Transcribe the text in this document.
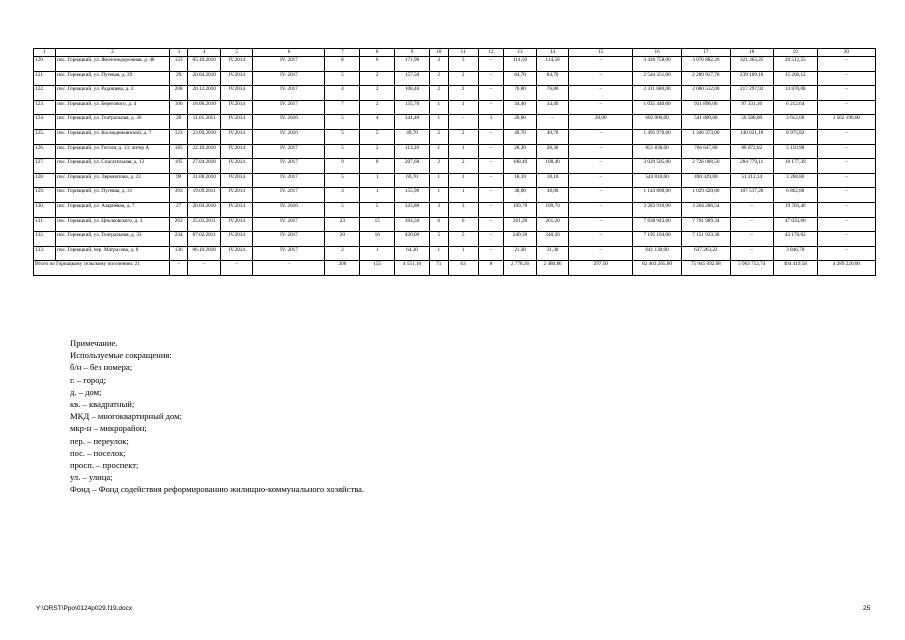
1	2	3	4	5	6	7	8	9	10	11	12	13	14	15	16	17	18	19	20
120.	пос. Горнацкий, ул. Железнодорожная, д. 48	133	05.10.2010	IV.2014	IV. 2017	8	6	171,90	3	3	–	114,50	114,50	–	3 418 758,00	3 076 882,20	321 363,25	20 512,55	–
121.	пос. Горнацкий, ул. Путевая, д. 29	29	20.04.2010	IV.2014	IV. 2017	5	2	157,50	2	2	–	84,70	84,70	–	2 544 351,00	2 289 917,70	239 169,18	15 266,12	–
122.	пос. Горнацкий, ул. Радищева, д. 3	208	20.12.2010	IV.2014	IV. 2017	4	2	108,40	2	2	–	76,80	76,80	–	2 311 680,00	2 080 512,00	217 297,92	13 870,08	–
123.	пос. Горнацкий, ул. Берегового, д. 4	106	18.06.2010	IV.2014	IV. 2017	7	2	135,70	1	1	–	34,40	34,40	–	1 035 440,00	931 896,00	97 331,36	6 212,64	–
124.	пос. Горнацкий, ул. Театральная, д. 36	20	11.01.2011	IV.2014	IV. 2016	5	4	341,40	1	–	1	20,00	–	20,00	602 000,00	541 800,00	56 588,00	3 612,00	1 562 190,00
125.	пос. Горнацкий, ул. Космодемьянской, д. 7	123	23.09.2010	IV.2014	IV. 2016	5	5	49,70	2	2	–	49,70	49,70	–	1 495 970,00	1 346 373,00	140 621,18	8 975,82	–
126.	пос. Горнацкий, ул. Гоголя, д. 13, литер А	185	22.10.2010	IV.2014	IV. 2017	5	2	113,20	1	1	–	28,30	28,30	–	851 830,00	766 647,00	80 072,02	5 110,98	–
127.	пос. Горнацкий, ул. Спасательная, д. 12	105	27.04.2010	IV.2014	IV. 2017	9	8	207,60	2	2	–	108,40	108,40	–	3 029 505,00	2 726 008,50	284 779,11	18 177,39	–
128.	пос. Горнацкий, ул. Лермонтова, д. 23	99	31.08.2010	IV.2014	IV. 2017	5	1	69,70	1	1	–	18,10	18,10	–	544 810,00	490 329,00	51 212,14	3 268,86	–
129.	пос. Горнацкий, ул. Путевая, д. 31	393	19.09.2011	IV.2014	IV. 2017	3	1	155,90	1	1	–	38,00	38,00	–	1 143 800,00	1 029 420,00	107 517,20	6 862,80	–
130.	пос. Горнацкий, ул. Азарнёвая, д. 7	27	20.04.2010	IV.2014	IV. 2016	5	5	343,80	3	3	–	109,70	109,70	–	3 283 910,00	3 264 206,54	–	19 703,46	–
131.	пос. Горнацкий, ул. Циолковского, д. 3	263	25.01.2011	IV.2014	IV. 2017	23	15	394,50	6	6	–	261,20	261,20	–	7 838 943,00	7 791 909,34	–	47 033,66	–
132.	пос. Горнацкий, ул. Театральная, д. 33	234	07.02.2011	IV.2014	IV. 2017	20	16	420,00	5	5	–	240,30	240,30	–	7 195 104,00	7 151 933,38	–	43 170,62	–
133.	пос. Горнацкий, пер. Матросова, д. 8	136	06.10.2010	IV.2014	IV. 2017	2	1	64,30	1	1	–	21,30	21,30	–	641 130,00	637 263,22	–	3 846,78	–
Итого по Горнацкому сельскому поселению: 21		–	–	–	–	206	155	4 551,16	71	63	8	2 778,36	2 480,86	297,50	82 403 265,00	75 945 092,68	5 963 752,74	494 419,58	4 289 220,00
Примечание.
Используемые сокращения:
б/н – без номера;
г. – город;
д. – дом;
кв. – квадратный;
МКД – многоквартирный дом;
мкр-н – микрорайон;
пер. – переулок;
пос. – поселок;
просп. – проспект;
ул. – улица;
Фонд – Фонд содействия реформированию жилищно-коммунального хозяйства.
Y:\ORST\Ppo\0124p029.f19.docx	25
